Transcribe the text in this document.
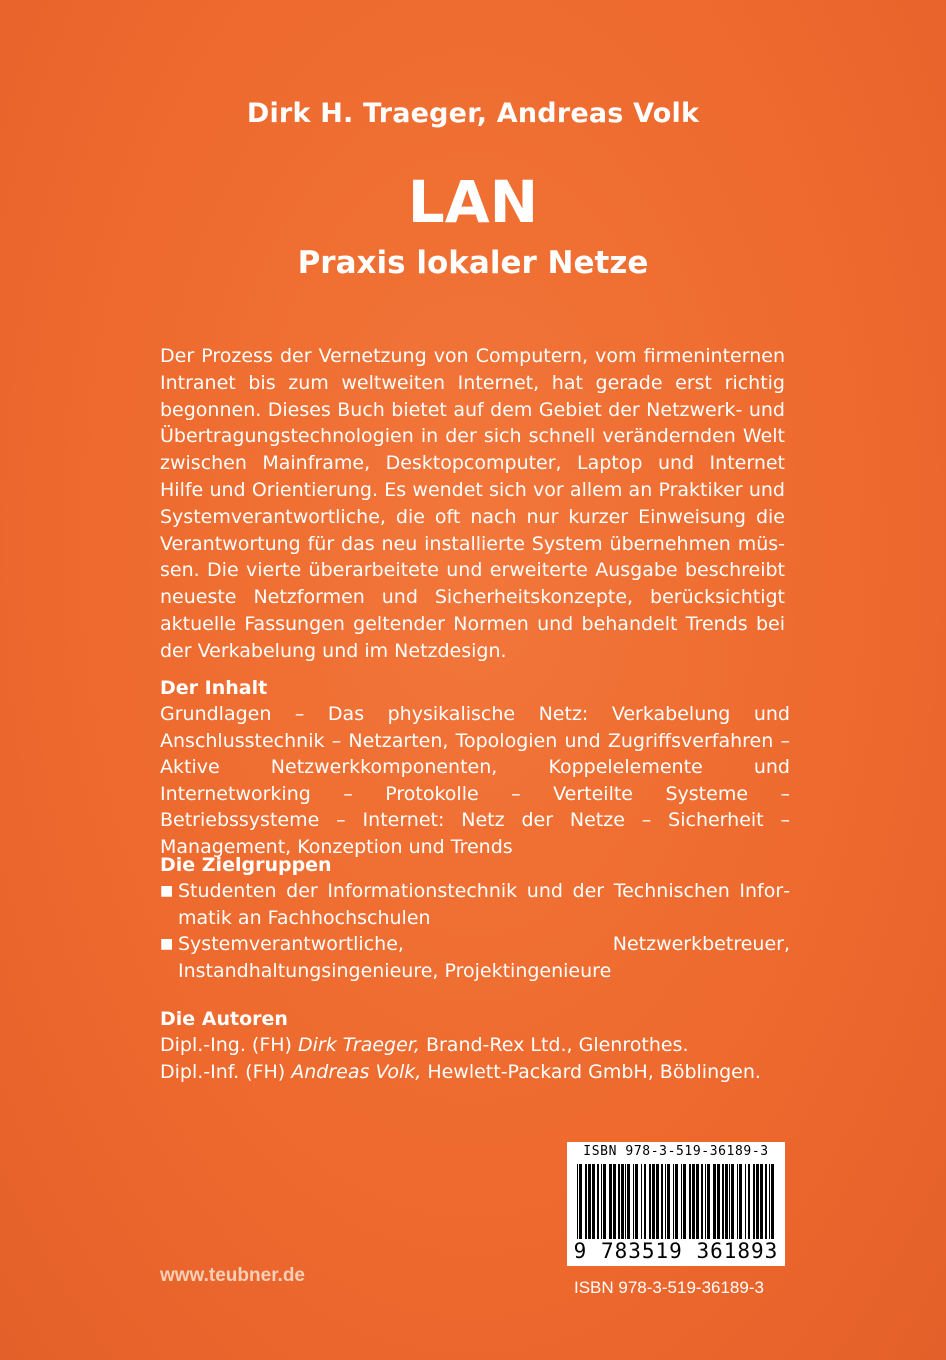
Dirk H. Traeger, Andreas Volk
LAN
Praxis lokaler Netze
Der Prozess der Vernetzung von Computern, vom firmeninternen Intranet bis zum weltweiten Internet, hat gerade erst richtig begonnen. Dieses Buch bietet auf dem Gebiet der Netzwerk- und Übertragungstechnologien in der sich schnell verändernden Welt zwischen Mainframe, Desktopcomputer, Laptop und Internet Hilfe und Orientierung. Es wendet sich vor allem an Praktiker und Systemverantwortliche, die oft nach nur kurzer Einweisung die Verantwortung für das neu installierte System übernehmen müssen. Die vierte überarbeitete und erweiterte Ausgabe beschreibt neueste Netzformen und Sicherheitskonzepte, berücksichtigt aktuelle Fassungen geltender Normen und behandelt Trends bei der Verkabelung und im Netzdesign.
Der Inhalt
Grundlagen – Das physikalische Netz: Verkabelung und Anschlusstechnik – Netzarten, Topologien und Zugriffsverfahren – Aktive Netzwerkkomponenten, Koppelelemente und Internetworking – Protokolle – Verteilte Systeme – Betriebssysteme – Internet: Netz der Netze – Sicherheit – Management, Konzeption und Trends
Die Zielgruppen
■ Studenten der Informationstechnik und der Technischen Informatik an Fachhochschulen
■ Systemverantwortliche, Netzwerkbetreuer, Instandhaltungsingenieure, Projektingenieure
Die Autoren
Dipl.-Ing. (FH) Dirk Traeger, Brand-Rex Ltd., Glenrothes.
Dipl.-Inf. (FH) Andreas Volk, Hewlett-Packard GmbH, Böblingen.
ISBN 978-3-519-36189-3
9 783519 361893
ISBN 978-3-519-36189-3
www.teubner.de
